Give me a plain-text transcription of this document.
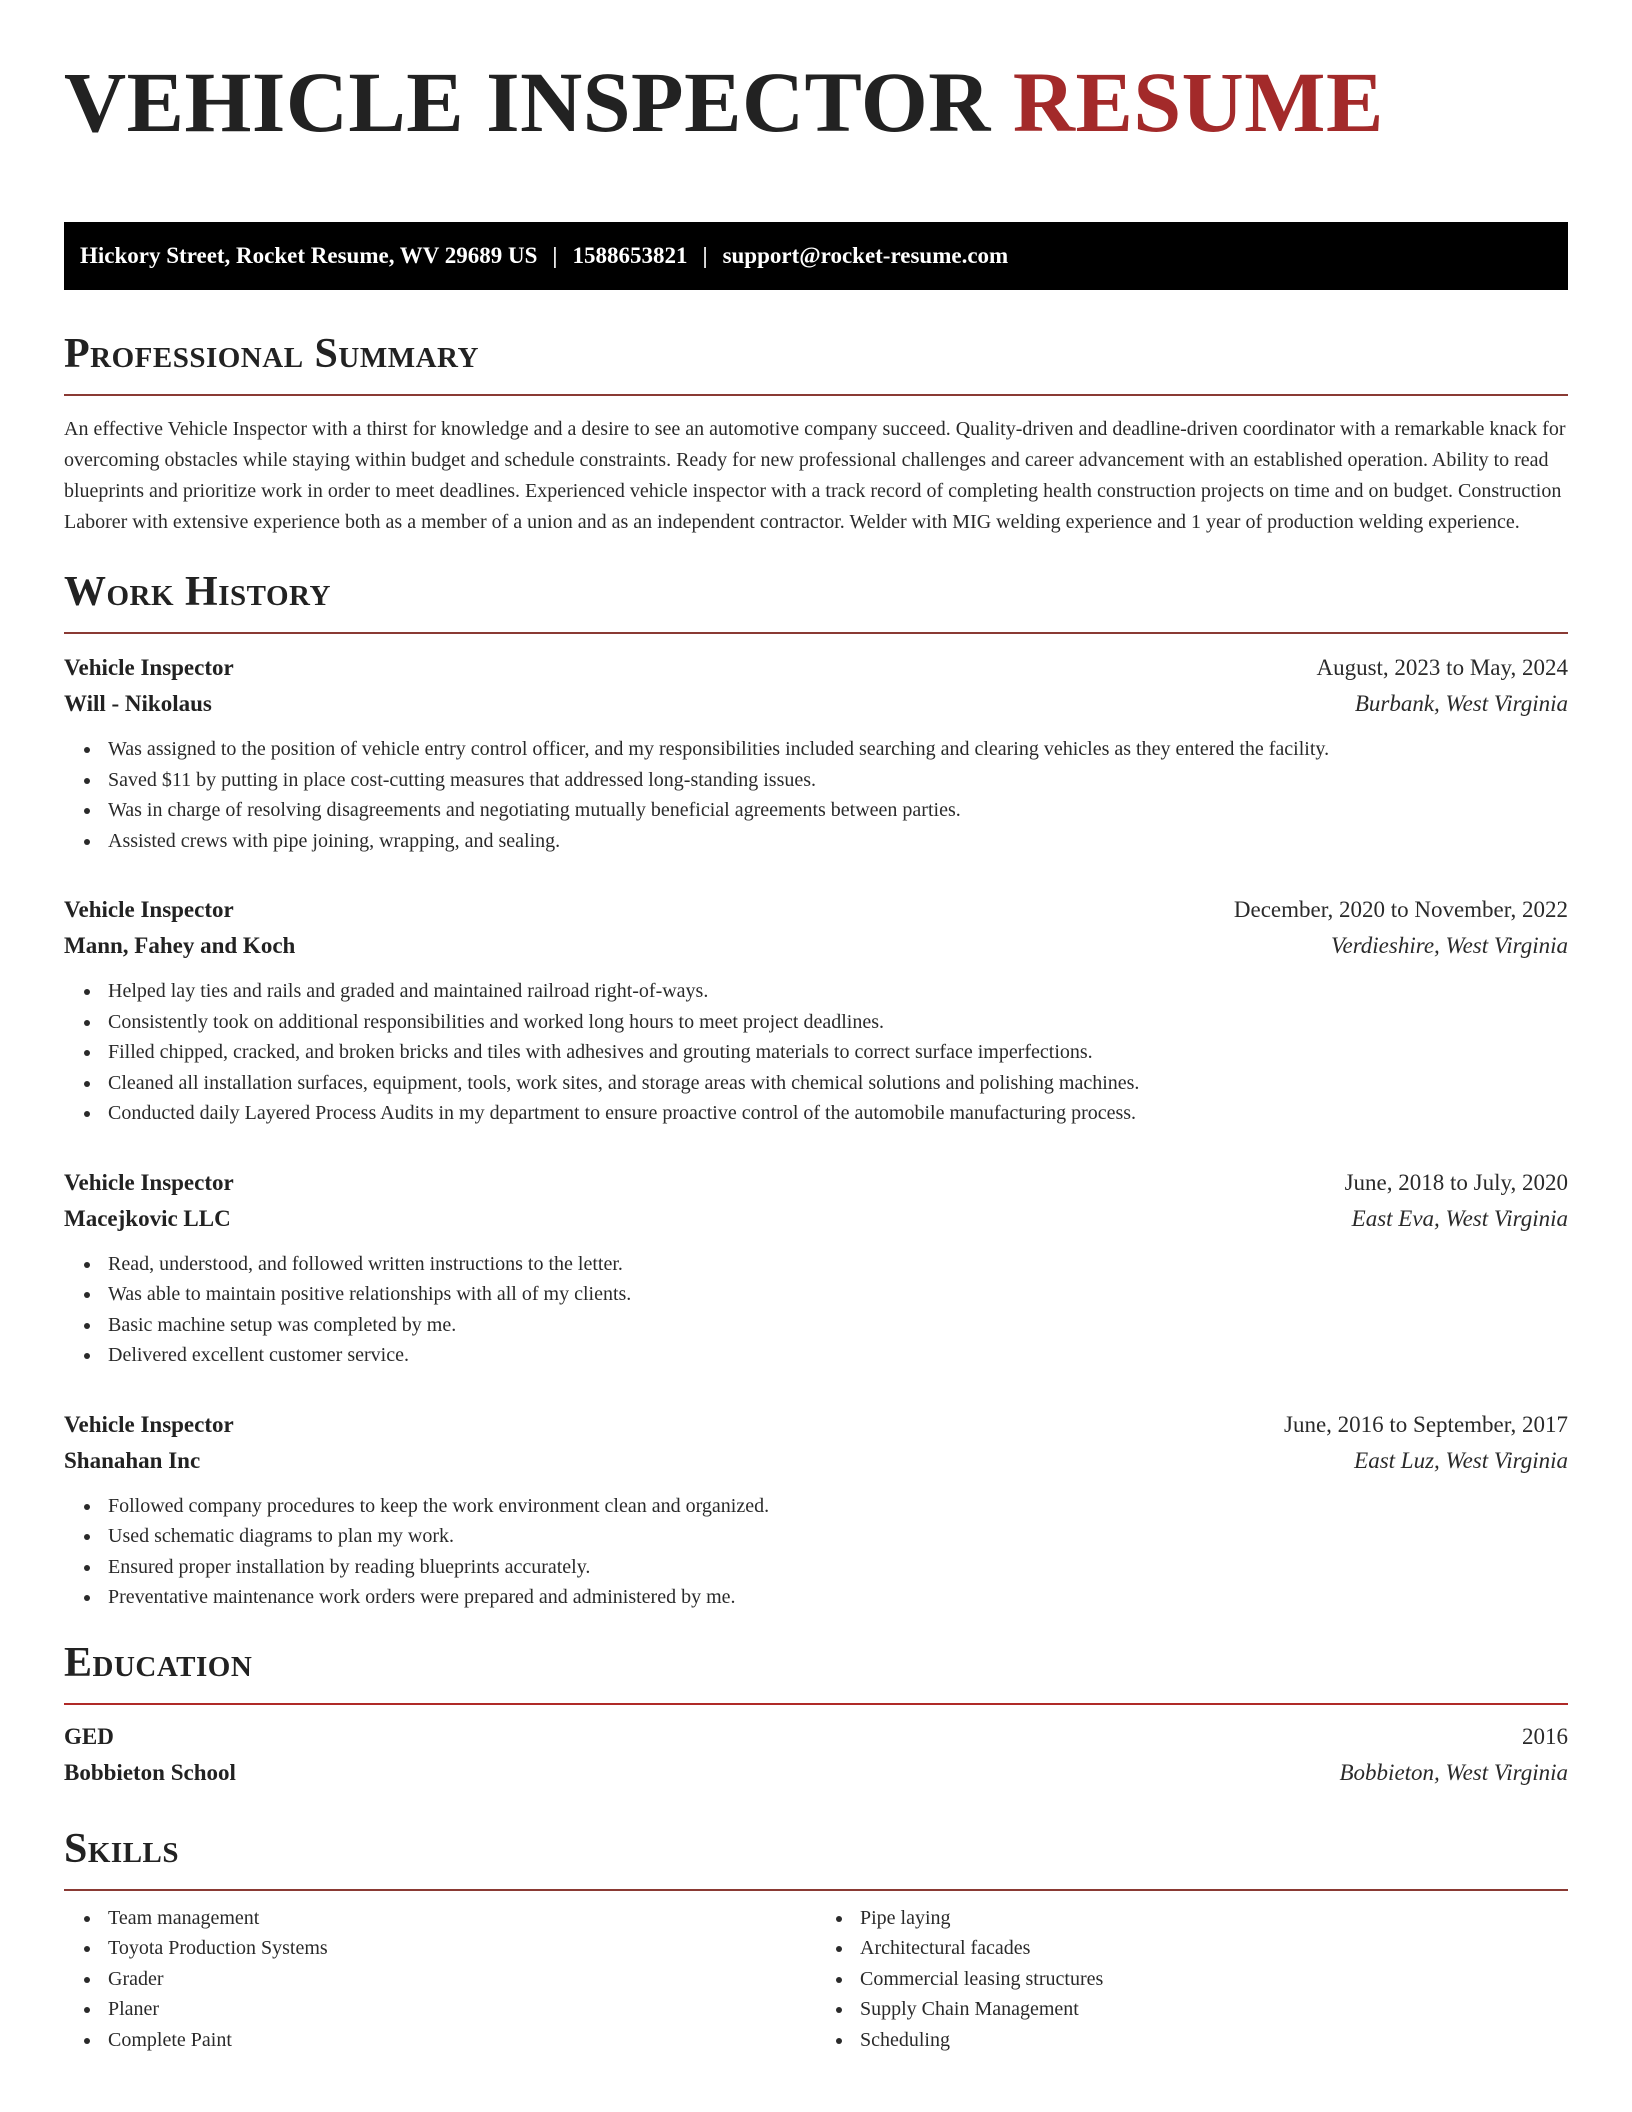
VEHICLE INSPECTOR RESUME
Hickory Street, Rocket Resume, WV 29689 US | 1588653821 | support@rocket-resume.com
Professional Summary

An effective Vehicle Inspector with a thirst for knowledge and a desire to see an automotive company succeed. Quality-driven and deadline-driven coordinator with a remarkable knack for overcoming obstacles while staying within budget and schedule constraints. Ready for new professional challenges and career advancement with an established operation. Ability to read blueprints and prioritize work in order to meet deadlines. Experienced vehicle inspector with a track record of completing health construction projects on time and on budget. Construction Laborer with extensive experience both as a member of a union and as an independent contractor. Welder with MIG welding experience and 1 year of production welding experience.

Work History
Vehicle Inspector	August, 2023 to May, 2024
Will - Nikolaus	Burbank, West Virginia
Was assigned to the position of vehicle entry control officer, and my responsibilities included searching and clearing vehicles as they entered the facility.
Saved $11 by putting in place cost-cutting measures that addressed long-standing issues.
Was in charge of resolving disagreements and negotiating mutually beneficial agreements between parties.
Assisted crews with pipe joining, wrapping, and sealing.
Vehicle Inspector	December, 2020 to November, 2022
Mann, Fahey and Koch	Verdieshire, West Virginia
Helped lay ties and rails and graded and maintained railroad right-of-ways.
Consistently took on additional responsibilities and worked long hours to meet project deadlines.
Filled chipped, cracked, and broken bricks and tiles with adhesives and grouting materials to correct surface imperfections.
Cleaned all installation surfaces, equipment, tools, work sites, and storage areas with chemical solutions and polishing machines.
Conducted daily Layered Process Audits in my department to ensure proactive control of the automobile manufacturing process.
Vehicle Inspector	June, 2018 to July, 2020
Macejkovic LLC	East Eva, West Virginia
Read, understood, and followed written instructions to the letter.
Was able to maintain positive relationships with all of my clients.
Basic machine setup was completed by me.
Delivered excellent customer service.
Vehicle Inspector	June, 2016 to September, 2017
Shanahan Inc	East Luz, West Virginia
Followed company procedures to keep the work environment clean and organized.
Used schematic diagrams to plan my work.
Ensured proper installation by reading blueprints accurately.
Preventative maintenance work orders were prepared and administered by me.
Education
GED	2016
Bobbieton School	Bobbieton, West Virginia
Skills
Team management
Toyota Production Systems
Grader
Planer
Complete Paint
Pipe laying
Architectural facades
Commercial leasing structures
Supply Chain Management
Scheduling
